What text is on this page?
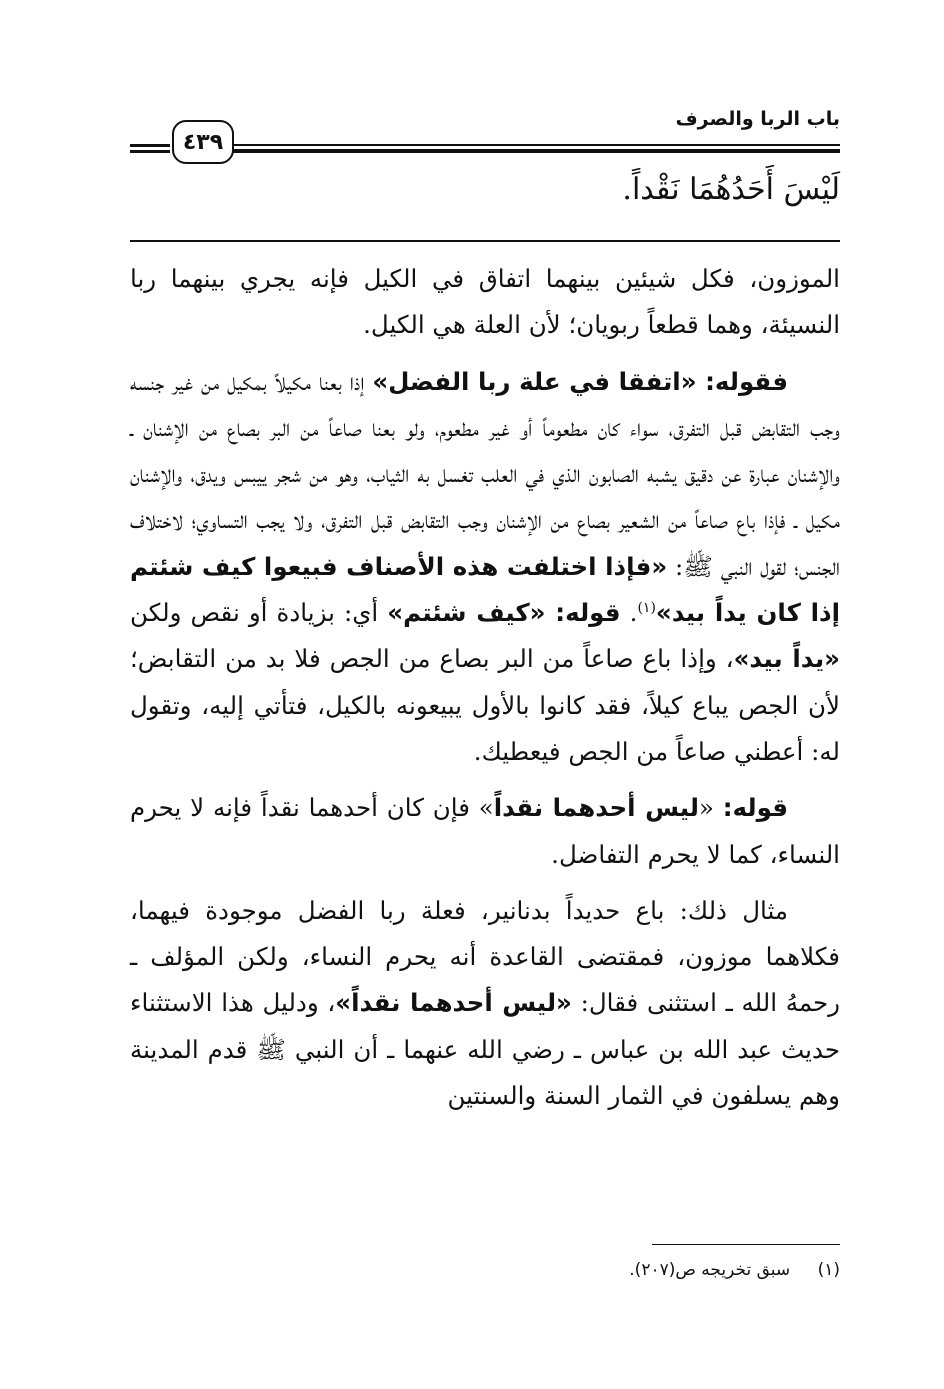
باب الربا والصرف
٤٣٩
لَيْسَ أَحَدُهُمَا نَقْداً.

الموزون، فكل شيئين بينهما اتفاق في الكيل فإنه يجري بينهما ربا النسيئة، وهما قطعاً ربويان؛ لأن العلة هي الكيل.

فقوله: «اتفقا في علة ربا الفضل» إذا بعنا مكيلاً بمكيل من غير جنسه وجب التقابض قبل التفرق، سواء كان مطعوماً أو غير مطعوم، ولو بعنا صاعاً من البر بصاع من الإشنان ـ والإشنان عبارة عن دقيق يشبه الصابون الذي في العلب تغسل به الثياب، وهو من شجر ييبس ويدق، والإشنان مكيل ـ فإذا باع صاعاً من الشعير بصاع من الإشنان وجب التقابض قبل التفرق، ولا يجب التساوي؛ لاختلاف الجنس؛ لقول النبي ﷺ: «فإذا اختلفت هذه الأصناف فبيعوا كيف شئتم إذا كان يداً بيد»$^{(١)}$. قوله: «كيف شئتم» أي: بزيادة أو نقص ولكن «يداً بيد»، وإذا باع صاعاً من البر بصاع من الجص فلا بد من التقابض؛ لأن الجص يباع كيلاً، فقد كانوا بالأول يبيعونه بالكيل، فتأتي إليه، وتقول له: أعطني صاعاً من الجص فيعطيك.

قوله: «ليس أحدهما نقداً» فإن كان أحدهما نقداً فإنه لا يحرم النساء، كما لا يحرم التفاضل.

مثال ذلك: باع حديداً بدنانير، فعلة ربا الفضل موجودة فيهما، فكلاهما موزون، فمقتضى القاعدة أنه يحرم النساء، ولكن المؤلف ـ رحمهُ الله ـ استثنى فقال: «ليس أحدهما نقداً»، ودليل هذا الاستثناء حديث عبد الله بن عباس ـ رضي الله عنهما ـ أن النبي ﷺ قدم المدينة وهم يسلفون في الثمار السنة والسنتين

(١) سبق تخريجه ص(٢٠٧).
